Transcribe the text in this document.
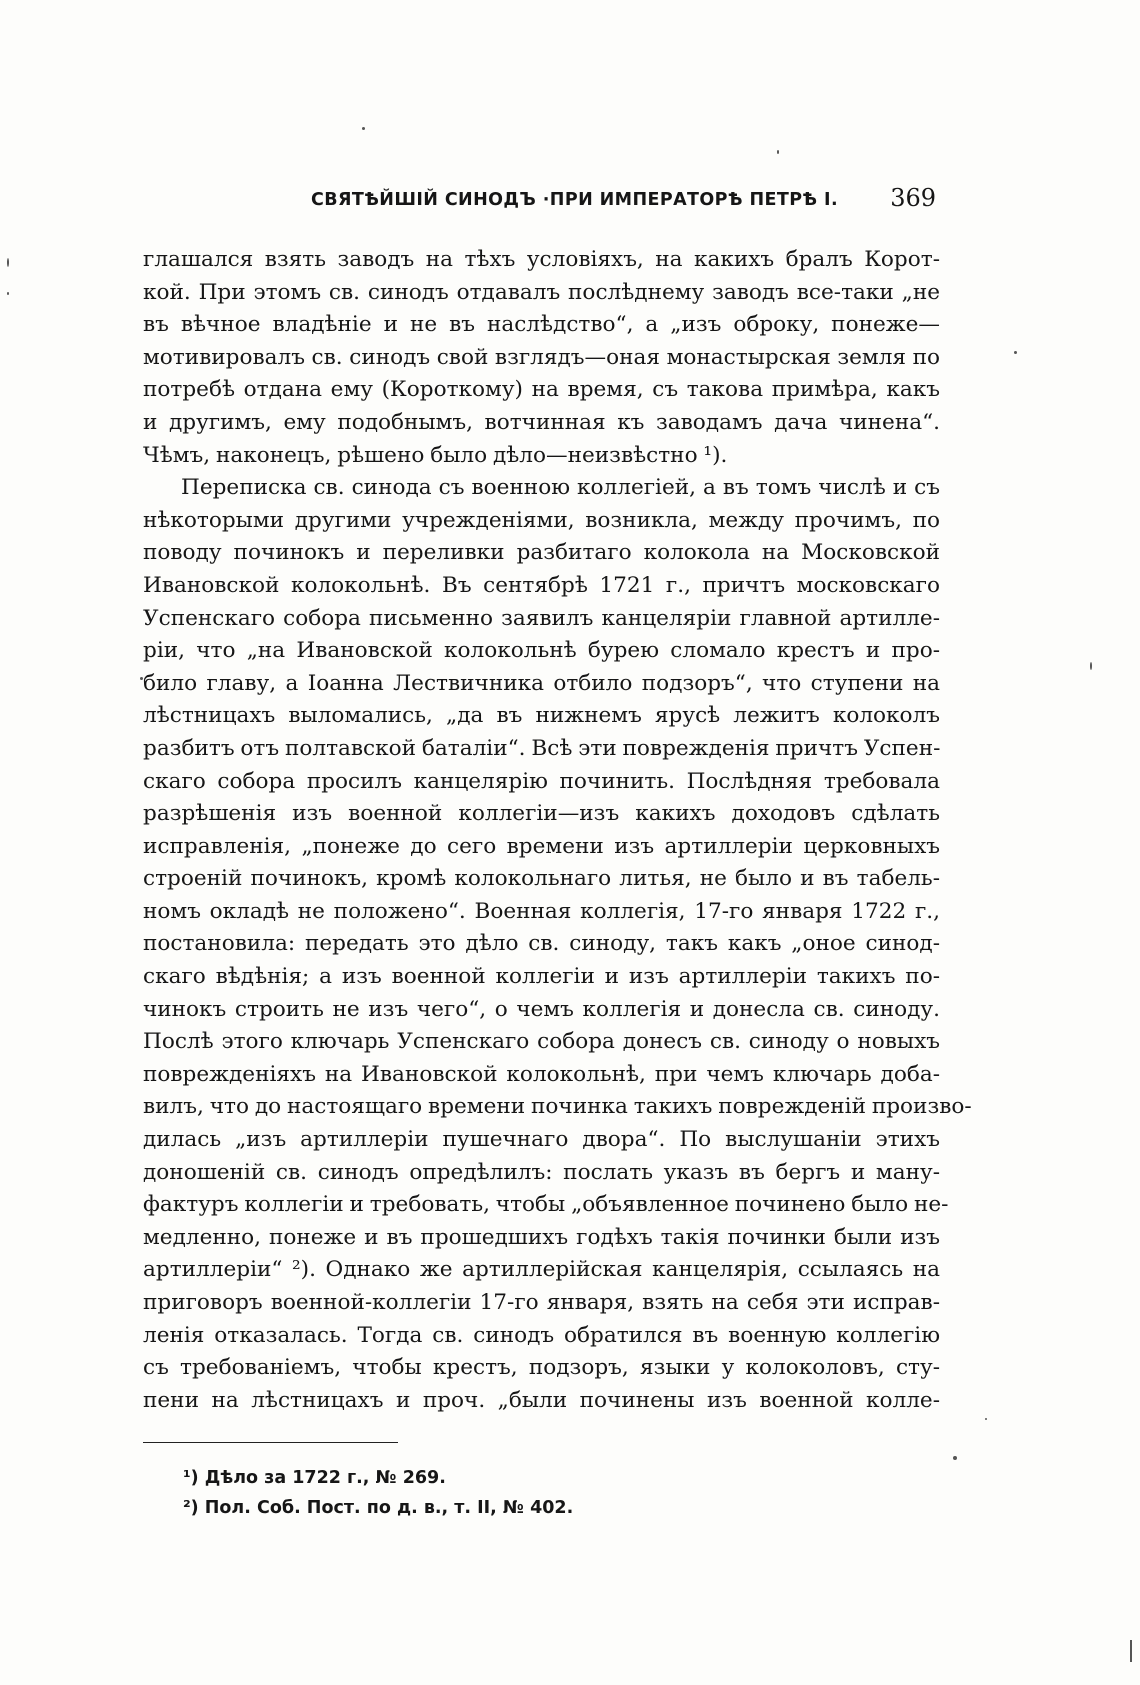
СВЯТѢЙШІЙ СИНОДЪ ·ПРИ ИМПЕРАТОРѢ ПЕТРѢ I. 369
глашался взять заводъ на тѣхъ условіяхъ, на какихъ бралъ Корот-
кой. При этомъ св. синодъ отдавалъ послѣднему заводъ все-таки „не
въ вѣчное владѣніе и не въ наслѣдство“, а „изъ оброку, понеже—
мотивировалъ св. синодъ свой взглядъ—оная монастырская земля по
потребѣ отдана ему (Короткому) на время, съ такова примѣра, какъ
и другимъ, ему подобнымъ, вотчинная къ заводамъ дача чинена“.
Чѣмъ, наконецъ, рѣшено было дѣло—неизвѣстно ¹).
Переписка св. синода съ военною коллегіей, а въ томъ числѣ и съ
нѣкоторыми другими учрежденіями, возникла, между прочимъ, по
поводу починокъ и переливки разбитаго колокола на Московской
Ивановской колокольнѣ. Въ сентябрѣ 1721 г., причтъ московскаго
Успенскаго собора письменно заявилъ канцеляріи главной артилле-
ріи, что „на Ивановской колокольнѣ бурею сломало крестъ и про-
било главу, а Іоанна Лествичника отбило подзоръ“, что ступени на
лѣстницахъ выломались, „да въ нижнемъ ярусѣ лежитъ колоколъ
разбитъ отъ полтавской баталіи“. Всѣ эти поврежденія причтъ Успен-
скаго собора просилъ канцелярію починить. Послѣдняя требовала
разрѣшенія изъ военной коллегіи—изъ какихъ доходовъ сдѣлать
исправленія, „понеже до сего времени изъ артиллеріи церковныхъ
строеній починокъ, кромѣ колокольнаго литья, не было и въ табель-
номъ окладѣ не положено“. Военная коллегія, 17-го января 1722 г.,
постановила: передать это дѣло св. синоду, такъ какъ „оное синод-
скаго вѣдѣнія; а изъ военной коллегіи и изъ артиллеріи такихъ по-
чинокъ строить не изъ чего“, о чемъ коллегія и донесла св. синоду.
Послѣ этого ключарь Успенскаго собора донесъ св. синоду о новыхъ
поврежденіяхъ на Ивановской колокольнѣ, при чемъ ключарь доба-
вилъ, что до настоящаго времени починка такихъ поврежденій произво-
дилась „изъ артиллеріи пушечнаго двора“. По выслушаніи этихъ
доношеній св. синодъ опредѣлилъ: послать указъ въ бергъ и ману-
фактуръ коллегіи и требовать, чтобы „объявленное починено было не-
медленно, понеже и въ прошедшихъ годѣхъ такія починки были изъ
артиллеріи“ ²). Однако же артиллерійская канцелярія, ссылаясь на
приговоръ военной-коллегіи 17-го января, взять на себя эти исправ-
ленія отказалась. Тогда св. синодъ обратился въ военную коллегію
съ требованіемъ, чтобы крестъ, подзоръ, языки у колоколовъ, сту-
пени на лѣстницахъ и проч. „были починены изъ военной колле-
¹) Дѣло за 1722 г., № 269.
²) Пол. Соб. Пост. по д. в., т. II, № 402.
